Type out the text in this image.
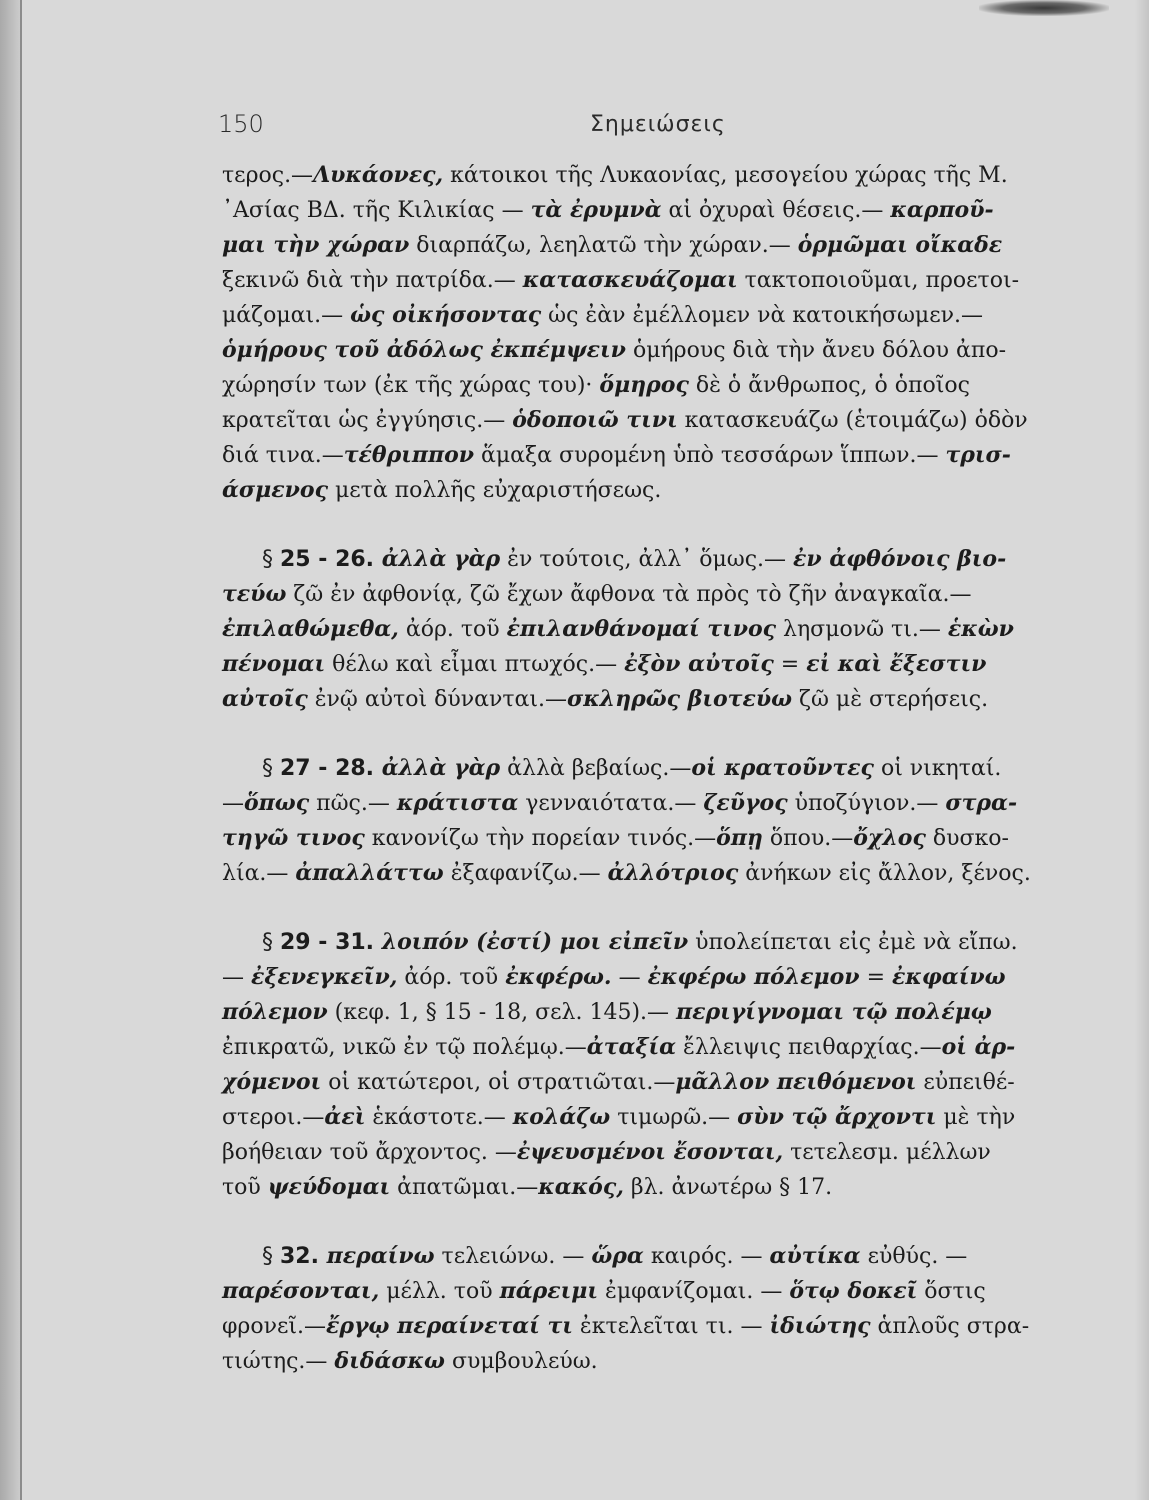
150	Σημειώσεις
τερος.—Λυκάονες, κάτοικοι τῆς Λυκαονίας, μεσογείου χώρας τῆς Μ.
᾽Ασίας ΒΔ. τῆς Κιλικίας — τὰ ἐρυμνὰ αἱ ὀχυραὶ θέσεις.— καρποῦ-
μαι τὴν χώραν διαρπάζω, λεηλατῶ τὴν χώραν.— ὁρμῶμαι οἴκαδε
ξεκινῶ διὰ τὴν πατρίδα.— κατασκευάζομαι τακτοποιοῦμαι, προετοι-
μάζομαι.— ὡς οἰκήσοντας ὡς ἐὰν ἐμέλλομεν νὰ κατοικήσωμεν.—
ὁμήρους τοῦ ἀδόλως ἐκπέμψειν ὁμήρους διὰ τὴν ἄνευ δόλου ἀπο-
χώρησίν των (ἐκ τῆς χώρας του)· ὅμηρος δὲ ὁ ἄνθρωπος, ὁ ὁποῖος
κρατεῖται ὡς ἐγγύησις.— ὁδοποιῶ τινι κατασκευάζω (ἑτοιμάζω) ὁδὸν
διά τινα.—τέθριππον ἅμαξα συρομένη ὑπὸ τεσσάρων ἵππων.— τρισ-
άσμενος μετὰ πολλῆς εὐχαριστήσεως.
§ 25 - 26. ἀλλὰ γὰρ ἐν τούτοις, ἀλλ᾽ ὅμως.— ἐν ἀφθόνοις βιο-
τεύω ζῶ ἐν ἀφθονίᾳ, ζῶ ἔχων ἄφθονα τὰ πρὸς τὸ ζῆν ἀναγκαῖα.—
ἐπιλαθώμεθα, ἀόρ. τοῦ ἐπιλανθάνομαί τινος λησμονῶ τι.— ἑκὼν
πένομαι θέλω καὶ εἶμαι πτωχός.— ἐξὸν αὐτοῖς = εἰ καὶ ἔξεστιν
αὐτοῖς ἐνῷ αὐτοὶ δύνανται.—σκληρῶς βιοτεύω ζῶ μὲ στερήσεις.
§ 27 - 28. ἀλλὰ γὰρ ἀλλὰ βεβαίως.—οἱ κρατοῦντες οἱ νικηταί.
—ὅπως πῶς.— κράτιστα γενναιότατα.— ζεῦγος ὑποζύγιον.— στρα-
τηγῶ τινος κανονίζω τὴν πορείαν τινός.—ὅπῃ ὅπου.—ὄχλος δυσκο-
λία.— ἀπαλλάττω ἐξαφανίζω.— ἀλλότριος ἀνήκων εἰς ἄλλον, ξένος.
§ 29 - 31. λοιπόν (ἐστί) μοι εἰπεῖν ὑπολείπεται εἰς ἐμὲ νὰ εἴπω.
— ἐξενεγκεῖν, ἀόρ. τοῦ ἐκφέρω. — ἐκφέρω πόλεμον = ἐκφαίνω
πόλεμον (κεφ. 1, § 15 - 18, σελ. 145).— περιγίγνομαι τῷ πολέμῳ
ἐπικρατῶ, νικῶ ἐν τῷ πολέμῳ.—ἀταξία ἔλλειψις πειθαρχίας.—οἱ ἀρ-
χόμενοι οἱ κατώτεροι, οἱ στρατιῶται.—μᾶλλον πειθόμενοι εὐπειθέ-
στεροι.—ἀεὶ ἑκάστοτε.— κολάζω τιμωρῶ.— σὺν τῷ ἄρχοντι μὲ τὴν
βοήθειαν τοῦ ἄρχοντος. —ἐψευσμένοι ἔσονται, τετελεσμ. μέλλων
τοῦ ψεύδομαι ἀπατῶμαι.—κακός, βλ. ἀνωτέρω § 17.
§ 32. περαίνω τελειώνω. — ὥρα καιρός. — αὐτίκα εὐθύς. —
παρέσονται, μέλλ. τοῦ πάρειμι ἐμφανίζομαι. — ὅτῳ δοκεῖ ὅστις
φρονεῖ.—ἔργῳ περαίνεταί τι ἐκτελεῖται τι. — ἰδιώτης ἁπλοῦς στρα-
τιώτης.— διδάσκω συμβουλεύω.
